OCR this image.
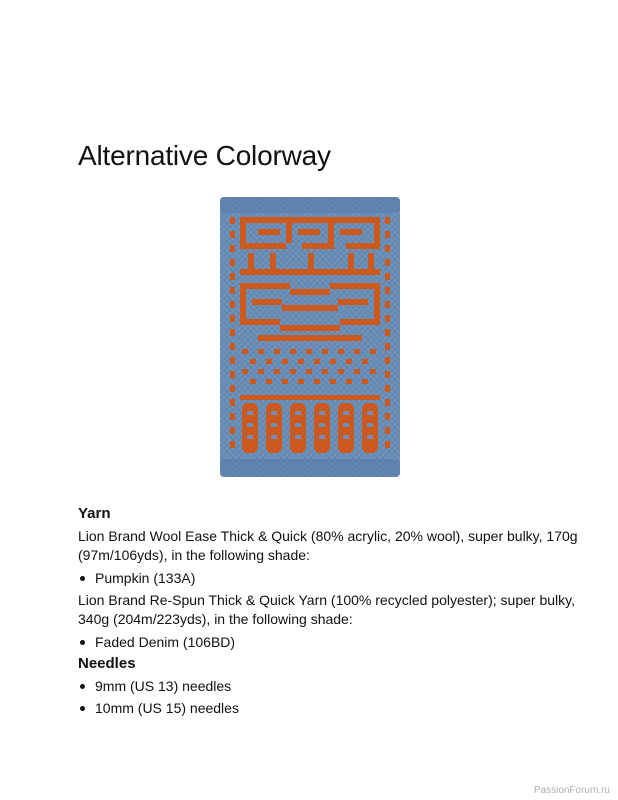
Alternative Colorway
Yarn

Lion Brand Wool Ease Thick & Quick (80% acrylic, 20% wool), super bulky, 170g (97m/106yds), in the following shade:

Pumpkin (133A)

Lion Brand Re-Spun Thick & Quick Yarn (100% recycled polyester); super bulky, 340g (204m/223yds), in the following shade:

Faded Denim (106BD)
Needles
9mm (US 13) needles
10mm (US 15) needles
PassionForum.ru
